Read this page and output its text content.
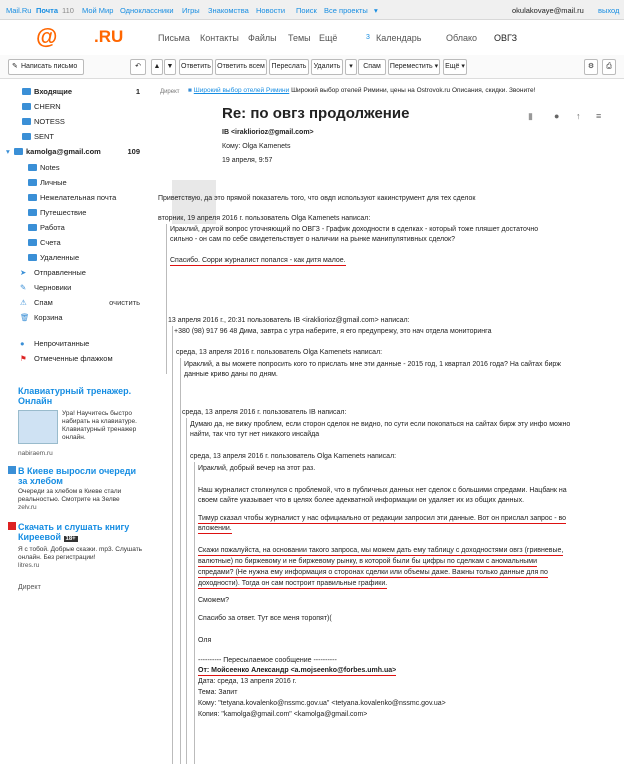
Mail.Ru Почта 110 Мой Мир Одноклассники Игры Знакомства Новости Поиск Все проекты ▾	okulakovaye@mail.ru выход
@ .RU	Письма Контакты Файлы Темы Ещё	3 Календарь	Облако ОВГЗ
✎ Написать письмо	↶	▲ ▼	Ответить Ответить всем Переслать	Удалить	▾	Спам	Переместить ▾ Ещё ▾	⚙	⎙
Входящие	1
CHERN
NOTESS
SENT
▾ kamolga@gmail.com	109
Notes
Личные
Нежелательная почта
Путешествие
Работа
Счета
Удаленные
➤ Отправленные
✎ Черновики
⚠ Спам	очистить
🗑 Корзина
● Непрочитанные
⚑ Отмеченные флажком
Клавиатурный тренажер. Онлайн

Ура! Научитесь быстро набирать на клавиатуре. Клавиатурный тренажер онлайн.

nabiraem.ru

В Киеве выросли очереди за хлебом

Очереди за хлебом в Киеве стали реальностью. Смотрите на Зелве

zelv.ru

Скачать и слушать книгу Киреевой 18+

Я с тобой. Добрые сказки. mp3. Слушать онлайн. Без регистрации!

litres.ru

Директ

Директ ■ Широкий выбор отелей Римини Широкий выбор отелей Римини, цены на Ostrovok.ru Описания, скидки. Звоните!
Re: по овгз продолжение	▮ ● ↑ ≡
IB <irakliorioz@gmail.com>
Кому: Olga Kamenets
19 апреля, 9:57
Приветствую, да это прямой показатель того, что овдп используют какинструмент для тех сделок
вторник, 19 апреля 2016 г. пользователь Olga Kamenets написал:
Ираклий, другой вопрос уточняющий по ОВГЗ - График доходности в сделках - который тоже пляшет достаточно
сильно - он сам по себе свидетельствует о наличии на рынке манипулятивных сделок?
Спасибо. Сорри журналист попался - как дитя малое.
13 апреля 2016 г., 20:31 пользователь IB <irakliorioz@gmail.com> написал:
+380 (98) 917 96 48 Дима, завтра с утра наберите, я его предупрежу, это нач отдела мониторинга
среда, 13 апреля 2016 г. пользователь Olga Kamenets написал:
Ираклий, а вы можете попросить кого то прислать мне эти данные - 2015 год, 1 квартал 2016 года? На сайтах бирж
данные криво даны по дням.
среда, 13 апреля 2016 г. пользователь IB написал:
Думаю да, не вижу проблем, если сторон сделок не видно, по сути если покопаться на сайтах бирж эту инфо можно
найти, так что тут нет никакого инсайда
среда, 13 апреля 2016 г. пользователь Olga Kamenets написал:
Ираклий, добрый вечер на этот раз.
Наш журналист столкнулся с проблемой, что в публичных данных нет сделок с большими спредами. Нацбанк на
своем сайте указывает что в целях более адекватной информации он удаляет их из общих данных.
Тимур сказал чтобы журналист у нас официально от редакции запросил эти данные. Вот он прислал запрос - во
вложении.
Скажи пожалуйста, на основании такого запроса, мы можем дать ему таблицу с доходностями овгз (гривневые,
валютные) по биржевому и не биржевому рынку, в которой были бы цифры по сделкам с аномальными
спредами? (Не нужна ему информация о сторонах сделки или объемы даже. Важны только данные для по
доходности). Тогда он сам построит правильные графики.
Сможем?
Спасибо за ответ. Тут все меня торопят)(
Оля
---------- Пересылаемое сообщение ----------
От: Мойсеенко Александр <a.mojseenko@forbes.umh.ua>
Дата: среда, 13 апреля 2016 г.
Тема: Запит
Кому: "tetyana.kovalenko@nssmc.gov.ua" <tetyana.kovalenko@nssmc.gov.ua>
Копия: "kamolga@gmail.com" <kamolga@gmail.com>
